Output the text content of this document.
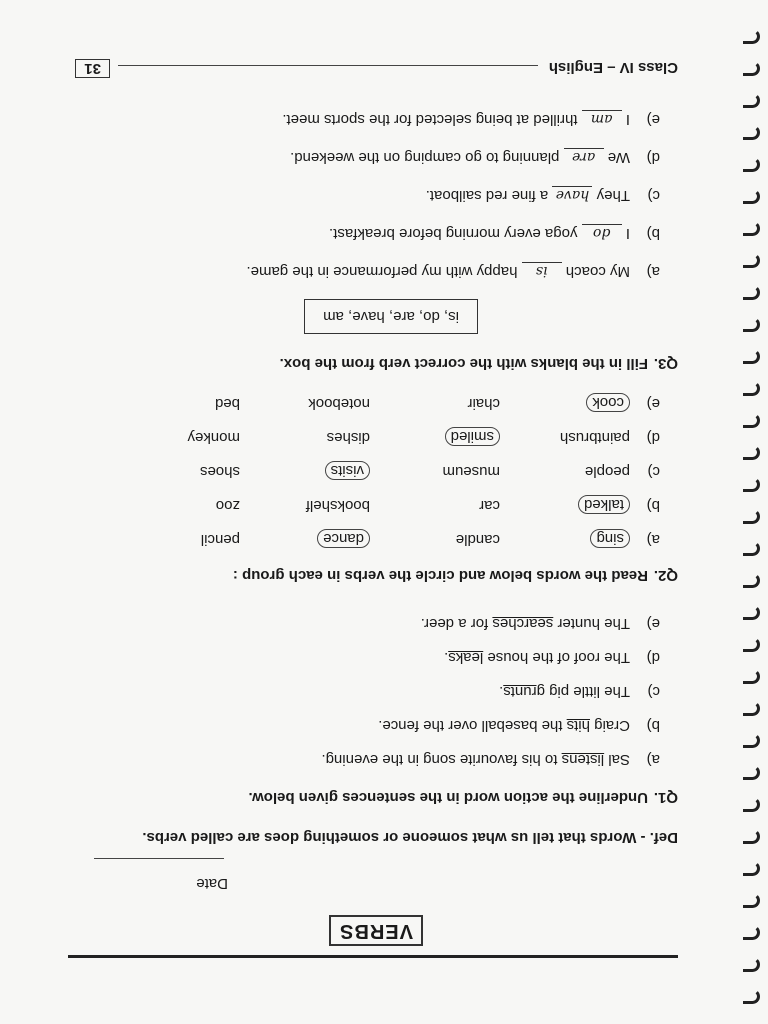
VERBS
Date
Def. - Words that tell us what someone or something does are called verbs.
Q1.Underline the action word in the sentences given below.
a)Sal listens to his favourite song in the evening.
b)Craig hits the baseball over the fence.
c)The little pig grunts.
d)The roof of the house leaks.
e)The hunter searches for a deer.
Q2.Read the words below and circle the verbs in each group :
a)
sing
candle
dance
pencil
b)
talked
car
bookshelf
zoo
c)
people
museum
visits
shoes
d)
paintbrush
smiled
dishes
monkey
e)
cook
chair
notebook
bed
Q3.Fill in the blanks with the correct verb from the box.
is, do, are, have, am
a)My coach is happy with my performance in the game.
b)I do yoga every morning before breakfast.
c)They have a fine red sailboat.
d)We are planning to go camping on the weekend.
e)I am thrilled at being selected for the sports meet.
Class IV – English
31
